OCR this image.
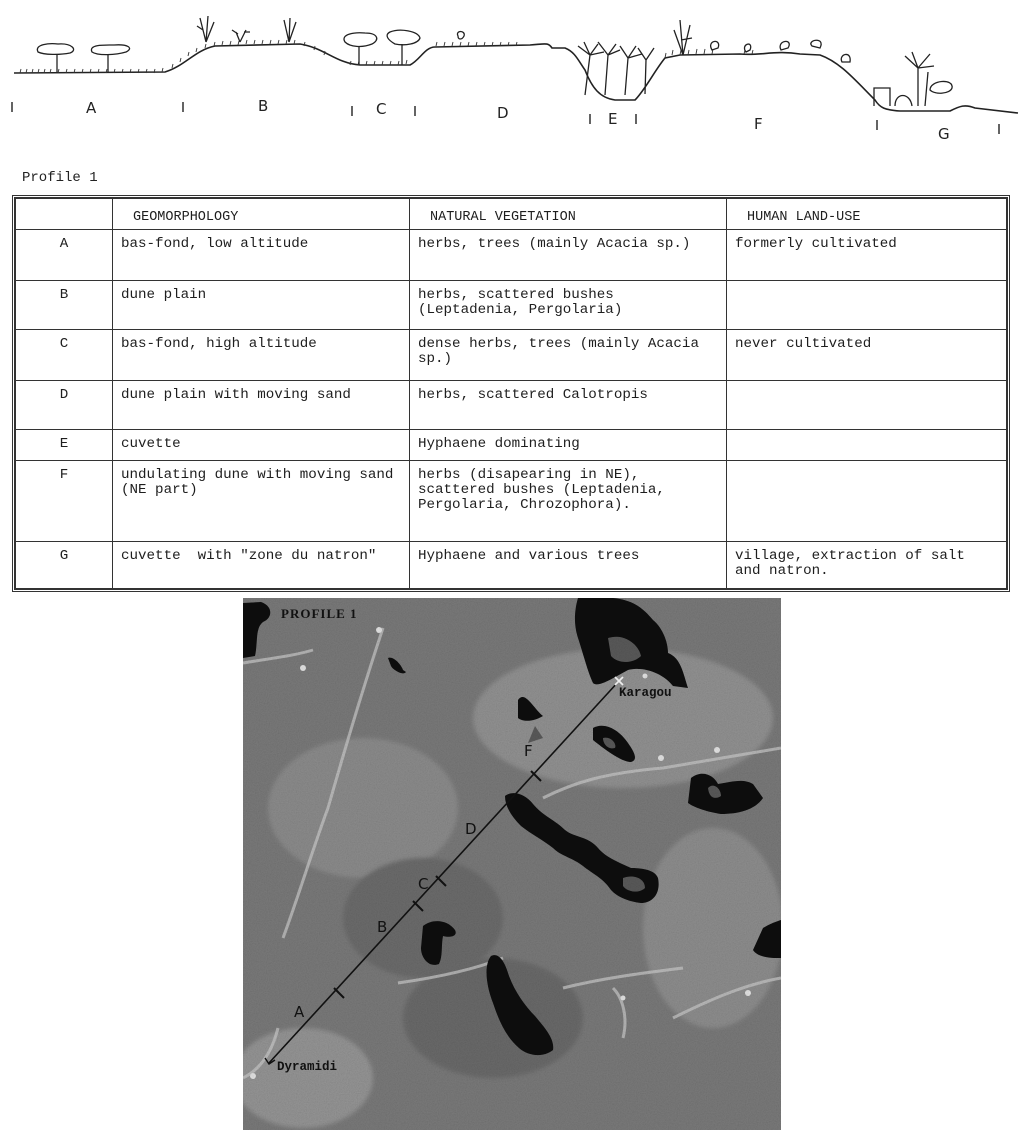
A	B	C	D	E	F
G
Profile 1
	GEOMORPHOLOGY	NATURAL VEGETATION	HUMAN LAND-USE
A	bas-fond, low altitude	herbs, trees (mainly Acacia sp.)	formerly cultivated
B	dune plain	herbs, scattered bushes (Leptadenia, Pergolaria)	
C	bas-fond, high altitude	dense herbs, trees (mainly Acacia sp.)	never cultivated
D	dune plain with moving sand	herbs, scattered Calotropis	
E	cuvette	Hyphaene dominating	
F	undulating dune with moving sand (NE part)	herbs (disapearing in NE), scattered bushes (Leptadenia, Pergolaria, Chrozophora).	
G	cuvette  with "zone du natron"	Hyphaene and various trees	village, extraction of salt and natron.
PROFILE 1
Karagou
Dyramidi
A
B
C
D
F
